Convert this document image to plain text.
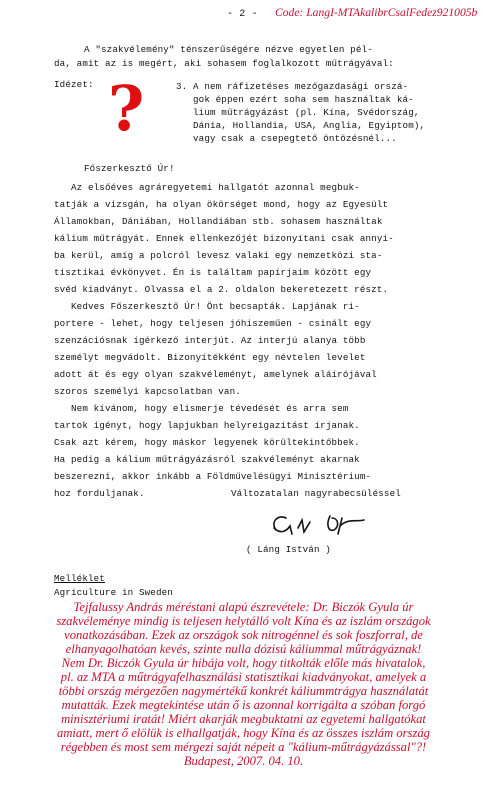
- 2 - Code: LangI-MTAkalibrCsalFedez921005b
A "szakvélemény" ténszerűségére nézve egyetlen pél-
da, amit az is megért, aki sohasem foglalkozott műtrágyával:
Idézet: ?	3. A nem ráfizetéses mezőgazdasági orszá-
gok éppen ezért soha sem használtak ká-
lium műtrágyázást (pl. Kína, Svédország,
Dánia, Hollandia, USA, Anglia, Egyiptom),
vagy csak a csepegtető öntözésnél...
Főszerkesztő Úr!
Az elsőéves agráregyetemi hallgatót azonnal megbuk-
tatják a vizsgán, ha olyan ökörséget mond, hogy az Egyesült
Államokban, Dániában, Hollandiában stb. sohasem használtak
kálium műtrágyát. Ennek ellenkezőjét bizonyítani csak annyi-
ba kerül, amíg a polcról levesz valaki egy nemzetközi sta-
tisztikai évkönyvet. Én is találtam papírjaim között egy
svéd kiadványt. Olvassa el a 2. oldalon bekeretezett részt.
Kedves Főszerkesztő Úr! Önt becsapták. Lapjának ri-
portere - lehet, hogy teljesen jóhiszeműen - csinált egy
szenzációsnak ígérkező interjút. Az interjú alanya több
személyt megvádolt. Bizonyítékként egy névtelen levelet
adott át és egy olyan szakvéleményt, amelynek aláírójával
szoros személyi kapcsolatban van.
Nem kívánom, hogy elismerje tévedését és arra sem
tartok igényt, hogy lapjukban helyreigazítást írjanak.
Csak azt kérem, hogy máskor legyenek körültekintőbbek.
Ha pedig a kálium műtrágyázásról szakvéleményt akarnak
beszerezni, akkor inkább a Földművelésügyi Minisztérium-
hoz forduljanak.	Változatalan nagyrabecsüléssel
( Láng István )
Melléklet
Agriculture in Sweden
Tejfalussy András méréstani alapú észrevétele: Dr. Biczók Gyula úr
szakvéleménye mindig is teljesen helytálló volt Kína és az iszlám országok
vonatkozásában. Ezek az országok sok nitrogénnel és sok foszforral, de
elhanyagolhatóan kevés, szinte nulla dózisú káliummal műtrágyáznak!
Nem Dr. Biczók Gyula úr hibája volt, hogy titkolták előle más hivatalok,
pl. az MTA a műtrágyafelhasználási statisztikai kiadványokat, amelyek a
többi ország mérgezően nagymértékű konkrét káliummtrágya használatát
mutatták. Ezek megtekintése után ő is azonnal korrigálta a szóban forgó
minisztériumi iratát! Miért akarják megbuktatni az egyetemi hallgatókat
amiatt, mert ő elölük is elhallgatják, hogy Kína és az összes iszlám ország
régebben és most sem mérgezi saját népeit a "kálium-műtrágyázással"?!
Budapest, 2007. 04. 10.
